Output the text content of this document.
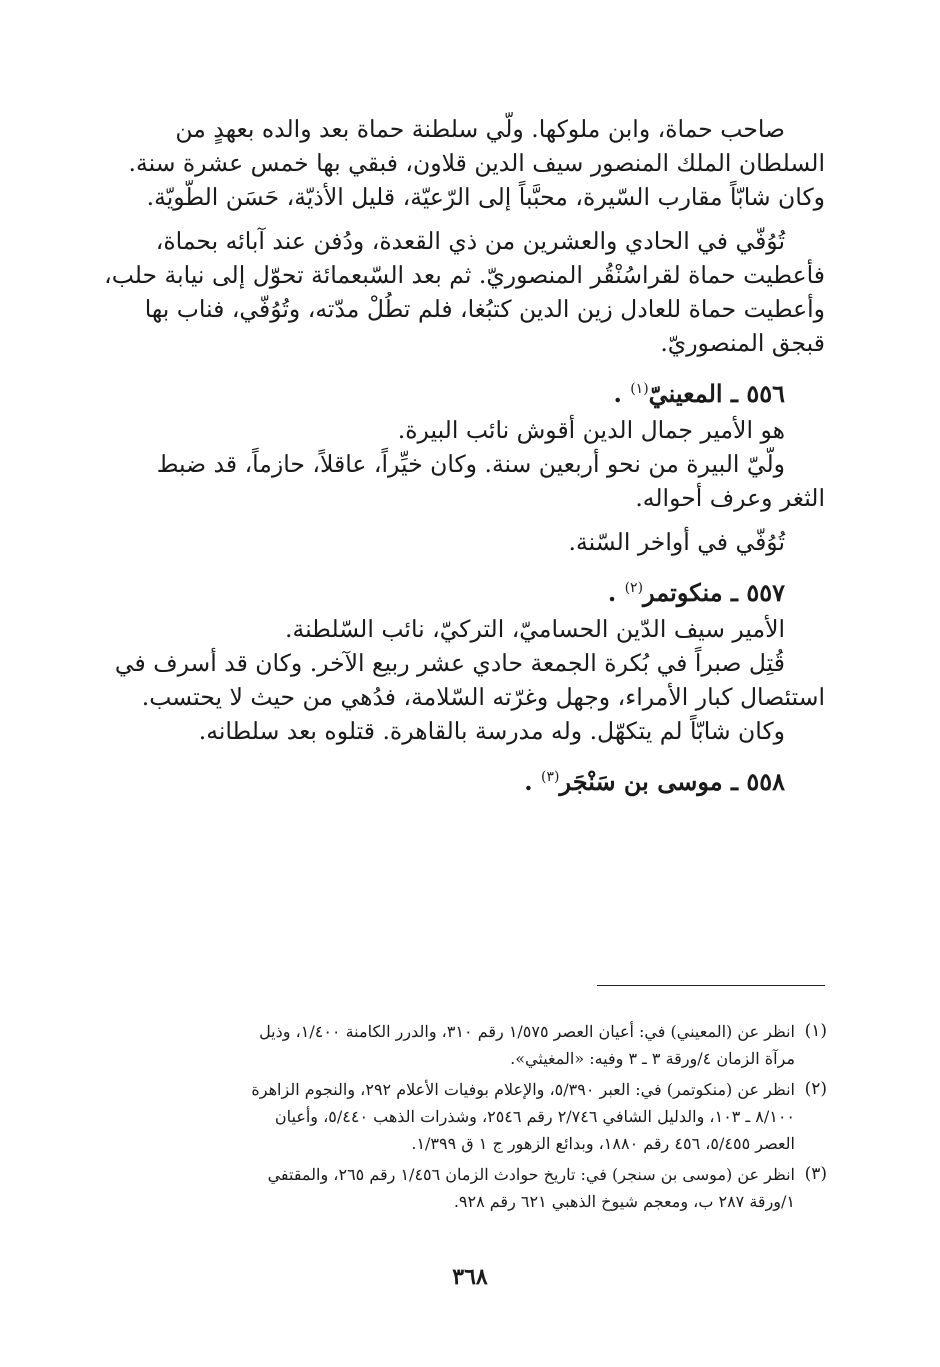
صاحب حماة، وابن ملوكها. ولّي سلطنة حماة بعد والده بعهدٍ من
السلطان الملك المنصور سيف الدين قلاون، فبقي بها خمس عشرة سنة.
وكان شابّاً مقارب السّيرة، محبَّباً إلى الرّعيّة، قليل الأذيّة، حَسَن الطّويّة.
تُوُفّي في الحادي والعشرين من ذي القعدة، ودُفن عند آبائه بحماة،
فأعطيت حماة لقراسُنْقُر المنصوريّ. ثم بعد السّبعمائة تحوّل إلى نيابة حلب،
وأعطيت حماة للعادل زين الدين كتبُغا، فلم تطُلْ مدّته، وتُوُفّي، فناب بها
قبجق المنصوريّ.
٥٥٦ ـ المعينيّ$^{(١)}$ .
هو الأمير جمال الدين أقوش نائب البيرة.
ولّيّ البيرة من نحو أربعين سنة. وكان خيِّراً، عاقلاً، حازماً، قد ضبط
الثغر وعرف أحواله.
تُوُفّي في أواخر السّنة.
٥٥٧ ـ منكوتمر$^{(٢)}$ .
الأمير سيف الدّين الحساميّ، التركيّ، نائب السّلطنة.
قُتِل صبراً في بُكرة الجمعة حادي عشر ربيع الآخر. وكان قد أسرف في
استئصال كبار الأمراء، وجهل وغرّته السّلامة، فدُهي من حيث لا يحتسب.
وكان شابّاً لم يتكهّل. وله مدرسة بالقاهرة. قتلوه بعد سلطانه.
٥٥٨ ـ موسى بن سَنْجَر$^{(٣)}$ .
(١)
انظر عن (المعيني) في: أعيان العصر ١/٥٧٥ رقم ٣١٠، والدرر الكامنة ١/٤٠٠، وذيل
مرآة الزمان ٤/ورقة ٣ ـ ٣ وفيه: «المغيثي».
(٢)
انظر عن (منكوتمر) في: العبر ٥/٣٩٠، والإعلام بوفيات الأعلام ٢٩٢، والنجوم الزاهرة
٨/١٠٠ ـ ١٠٣، والدليل الشافي ٢/٧٤٦ رقم ٢٥٤٦، وشذرات الذهب ٥/٤٤٠، وأعيان
العصر ٥/٤٥٥، ٤٥٦ رقم ١٨٨٠، وبدائع الزهور ج ١ ق ١/٣٩٩.
(٣)
انظر عن (موسى بن سنجر) في: تاريخ حوادث الزمان ١/٤٥٦ رقم ٢٦٥، والمقتفي
١/ورقة ٢٨٧ ب، ومعجم شيوخ الذهبي ٦٢١ رقم ٩٢٨.
٣٦٨
